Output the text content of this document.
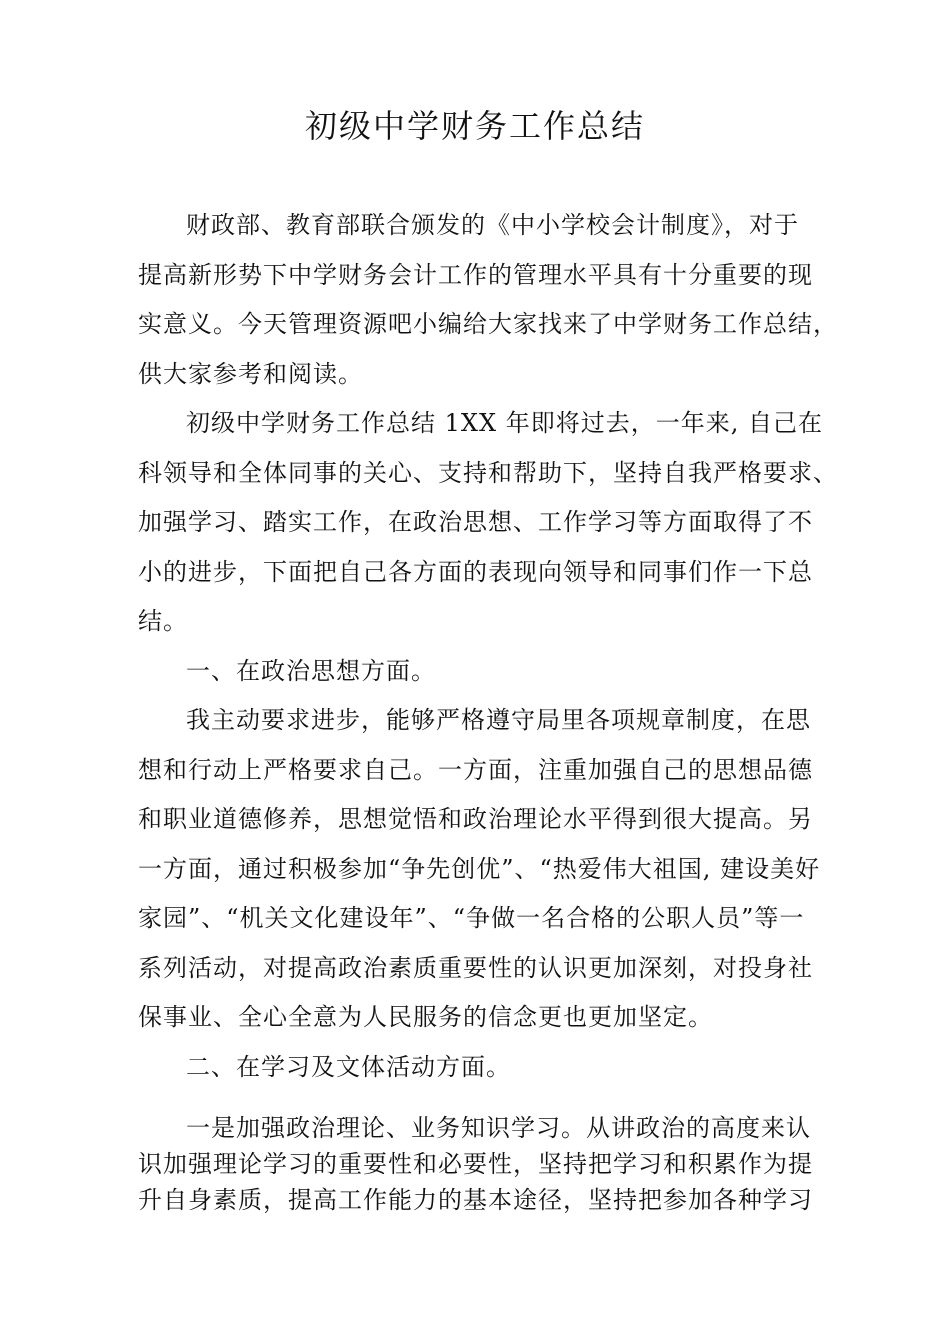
初级中学财务工作总结
财政部、教育部联合颁发的《中小学校会计制度》，对于
提高新形势下中学财务会计工作的管理水平具有十分重要的现
实意义。今天管理资源吧小编给大家找来了中学财务工作总结，
供大家参考和阅读。
初级中学财务工作总结 1XX 年即将过去，一年来, 自己在
科领导和全体同事的关心、支持和帮助下，坚持自我严格要求、
加强学习、踏实工作，在政治思想、工作学习等方面取得了不
小的进步，下面把自己各方面的表现向领导和同事们作一下总
结。
一、在政治思想方面。
我主动要求进步，能够严格遵守局里各项规章制度，在思
想和行动上严格要求自己。一方面，注重加强自己的思想品德
和职业道德修养，思想觉悟和政治理论水平得到很大提高。另
一方面，通过积极参加“争先创优”、“热爱伟大祖国, 建设美好
家园”、“机关文化建设年”、“争做一名合格的公职人员”等一
系列活动，对提高政治素质重要性的认识更加深刻，对投身社
保事业、全心全意为人民服务的信念更也更加坚定。
二、在学习及文体活动方面。
一是加强政治理论、业务知识学习。从讲政治的高度来认
识加强理论学习的重要性和必要性，坚持把学习和积累作为提
升自身素质，提高工作能力的基本途径，坚持把参加各种学习
